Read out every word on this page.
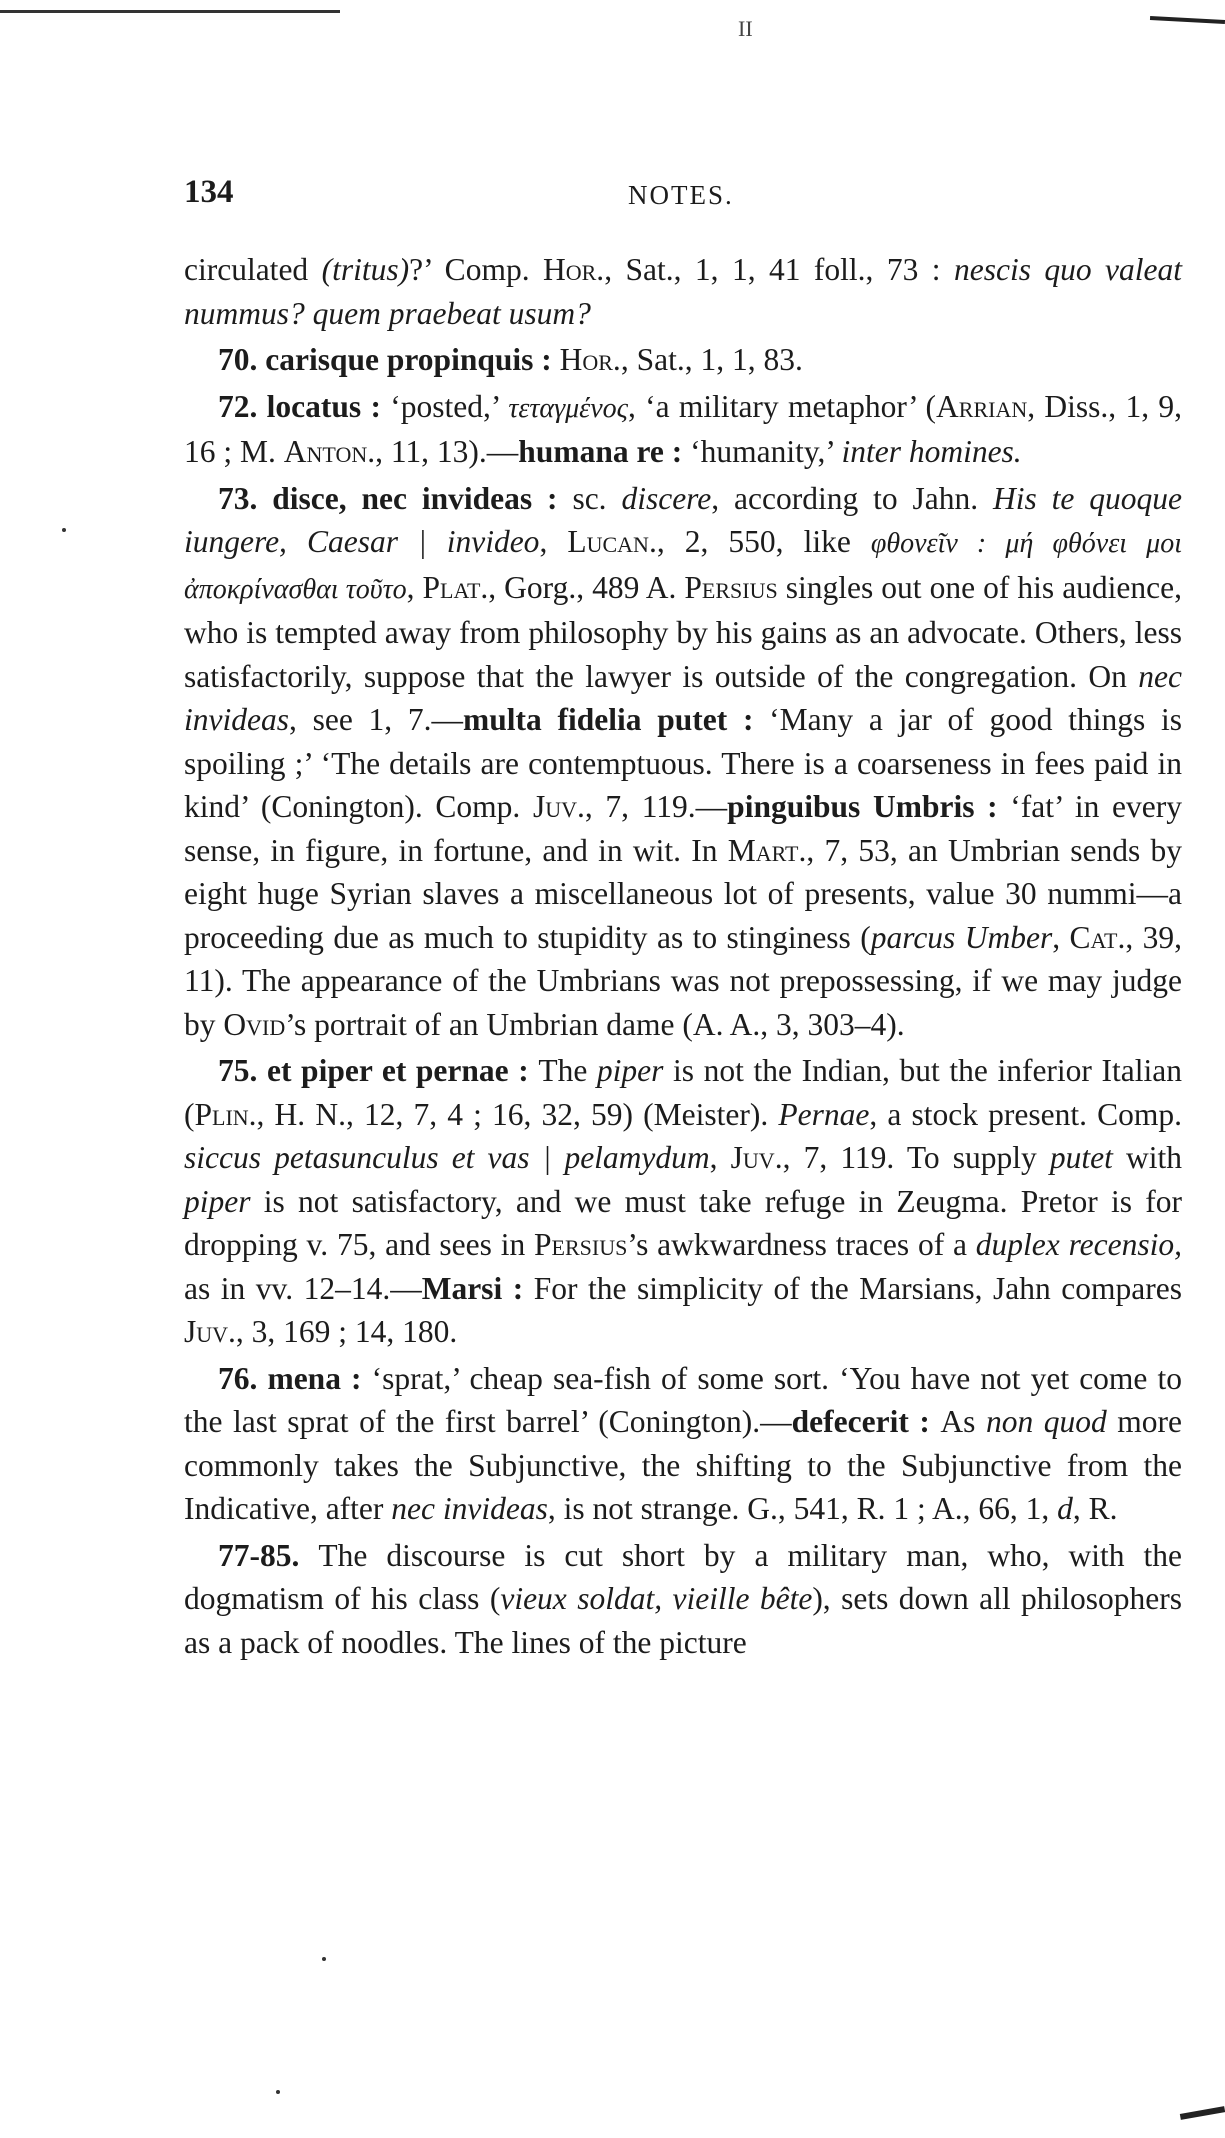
II
134	NOTES.

circulated (tritus)?’ Comp. Hor., Sat., 1, 1, 41 foll., 73 : nescis quo valeat nummus? quem praebeat usum?

70. carisque propinquis : Hor., Sat., 1, 1, 83.

72. locatus : ‘posted,’ τεταγμένος, ‘a military metaphor’ (Arrian, Diss., 1, 9, 16 ; M. Anton., 11, 13).—humana re : ‘humanity,’ inter homines.

73. disce, nec invideas : sc. discere, according to Jahn. His te quoque iungere, Caesar | invideo, Lucan., 2, 550, like φθονεῖν : μή φθόνει μοι ἀποκρίνασθαι τοῦτο, Plat., Gorg., 489 A. Persius singles out one of his audience, who is tempted away from philosophy by his gains as an advocate. Others, less satisfactorily, suppose that the lawyer is outside of the congregation. On nec invideas, see 1, 7.—multa fidelia putet : ‘Many a jar of good things is spoiling ;’ ‘The details are contemptuous. There is a coarseness in fees paid in kind’ (Conington). Comp. Juv., 7, 119.—pinguibus Umbris : ‘fat’ in every sense, in figure, in fortune, and in wit. In Mart., 7, 53, an Umbrian sends by eight huge Syrian slaves a miscellaneous lot of presents, value 30 nummi—a proceeding due as much to stupidity as to stinginess (parcus Umber, Cat., 39, 11). The appearance of the Umbrians was not prepossessing, if we may judge by Ovid’s portrait of an Umbrian dame (A. A., 3, 303–4).

75. et piper et pernae : The piper is not the Indian, but the inferior Italian (Plin., H. N., 12, 7, 4 ; 16, 32, 59) (Meister). Pernae, a stock present. Comp. siccus petasunculus et vas | pelamydum, Juv., 7, 119. To supply putet with piper is not satisfactory, and we must take refuge in Zeugma. Pretor is for dropping v. 75, and sees in Persius’s awkwardness traces of a duplex recensio, as in vv. 12–14.—Marsi : For the simplicity of the Marsians, Jahn compares Juv., 3, 169 ; 14, 180.

76. mena : ‘sprat,’ cheap sea-fish of some sort. ‘You have not yet come to the last sprat of the first barrel’ (Conington).—defecerit : As non quod more commonly takes the Subjunctive, the shifting to the Subjunctive from the Indicative, after nec invideas, is not strange. G., 541, R. 1 ; A., 66, 1, d, R.

77-85. The discourse is cut short by a military man, who, with the dogmatism of his class (vieux soldat, vieille bête), sets down all philosophers as a pack of noodles. The lines of the picture
